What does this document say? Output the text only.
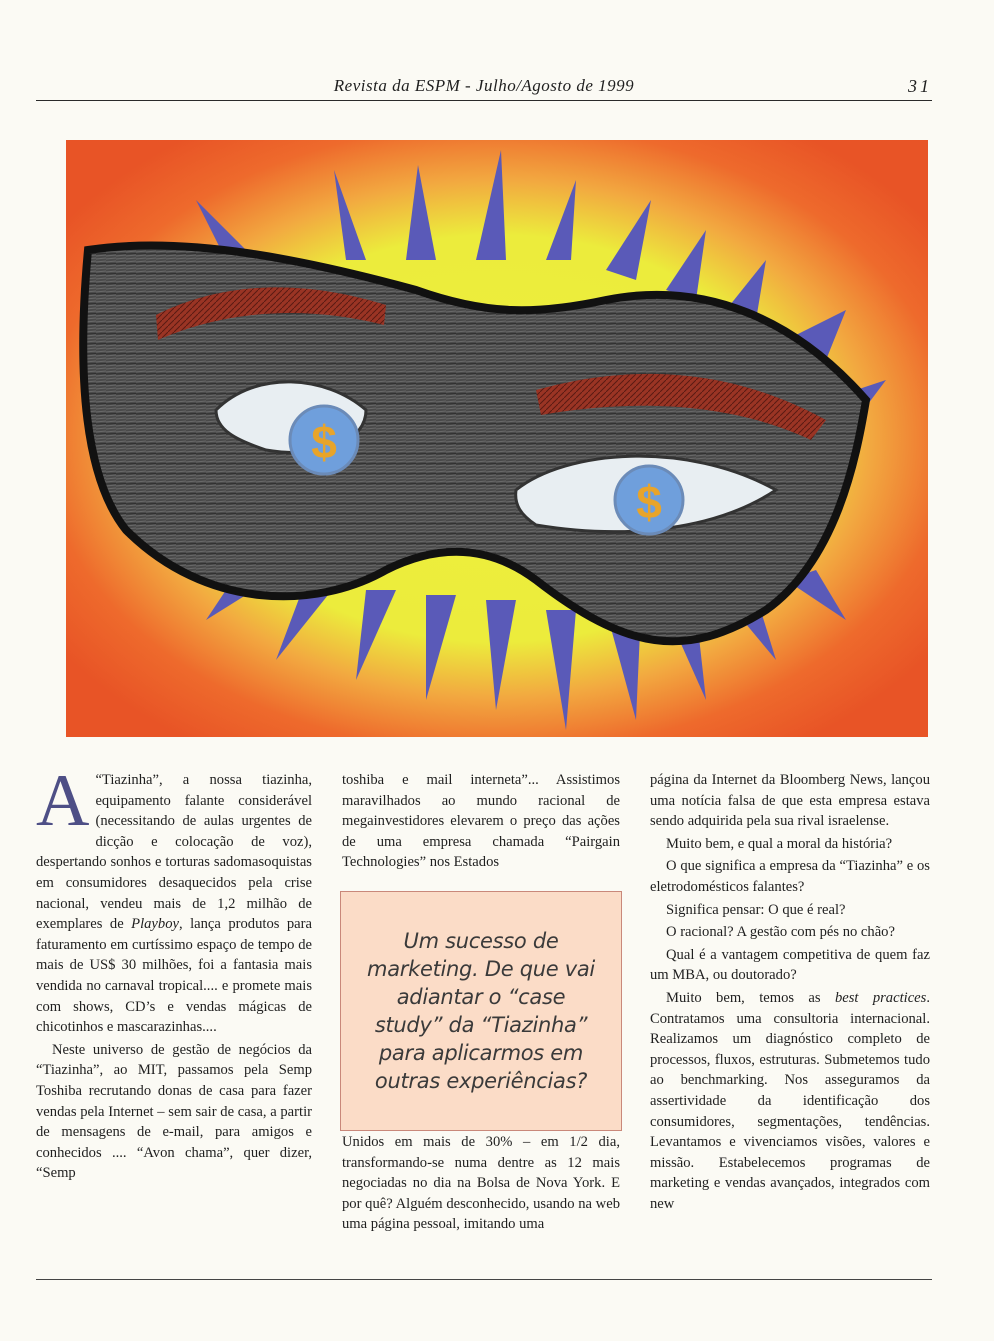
Revista da ESPM - Julho/Agosto de 1999	31
$
$

A “Tiazinha”, a nossa tiazinha, equipamento falante considerável (necessitando de aulas urgentes de dicção e colocação de voz), despertando sonhos e torturas sadomasoquistas em consumidores desaquecidos pela crise nacional, vendeu mais de 1,2 milhão de exemplares de Playboy, lança produtos para faturamento em curtíssimo espaço de tempo de mais de US$ 30 milhões, foi a fantasia mais vendida no carnaval tropical.... e promete mais com shows, CD’s e vendas mágicas de chicotinhos e mascarazinhas....

Neste universo de gestão de negócios da “Tiazinha”, ao MIT, passamos pela Semp Toshiba recrutando donas de casa para fazer vendas pela Internet – sem sair de casa, a partir de mensagens de e-mail, para amigos e conhecidos .... “Avon chama”, quer dizer, “Semp

toshiba e mail interneta”... Assistimos maravilhados ao mundo racional de megainvestidores elevarem o preço das ações de uma empresa chamada “Pairgain Technologies” nos Estados

Um sucesso de marketing. De que vai adiantar o “case study” da “Tiazinha” para aplicarmos em outras experiências?

Unidos em mais de 30% – em 1/2 dia, transformando-se numa dentre as 12 mais negociadas no dia na Bolsa de Nova York. E por quê? Alguém desconhecido, usando na web uma página pessoal, imitando uma

página da Internet da Bloomberg News, lançou uma notícia falsa de que esta empresa estava sendo adquirida pela sua rival israelense.

Muito bem, e qual a moral da história?

O que significa a empresa da “Tiazinha” e os eletrodomésticos falantes?

Significa pensar: O que é real?

O racional? A gestão com pés no chão?

Qual é a vantagem competitiva de quem faz um MBA, ou doutorado?

Muito bem, temos as best practices. Contratamos uma consultoria internacional. Realizamos um diagnóstico completo de processos, fluxos, estruturas. Submetemos tudo ao benchmarking. Nos asseguramos da assertividade da identificação dos consumidores, segmentações, tendências. Levantamos e vivenciamos visões, valores e missão. Estabelecemos programas de marketing e vendas avançados, integrados com new
